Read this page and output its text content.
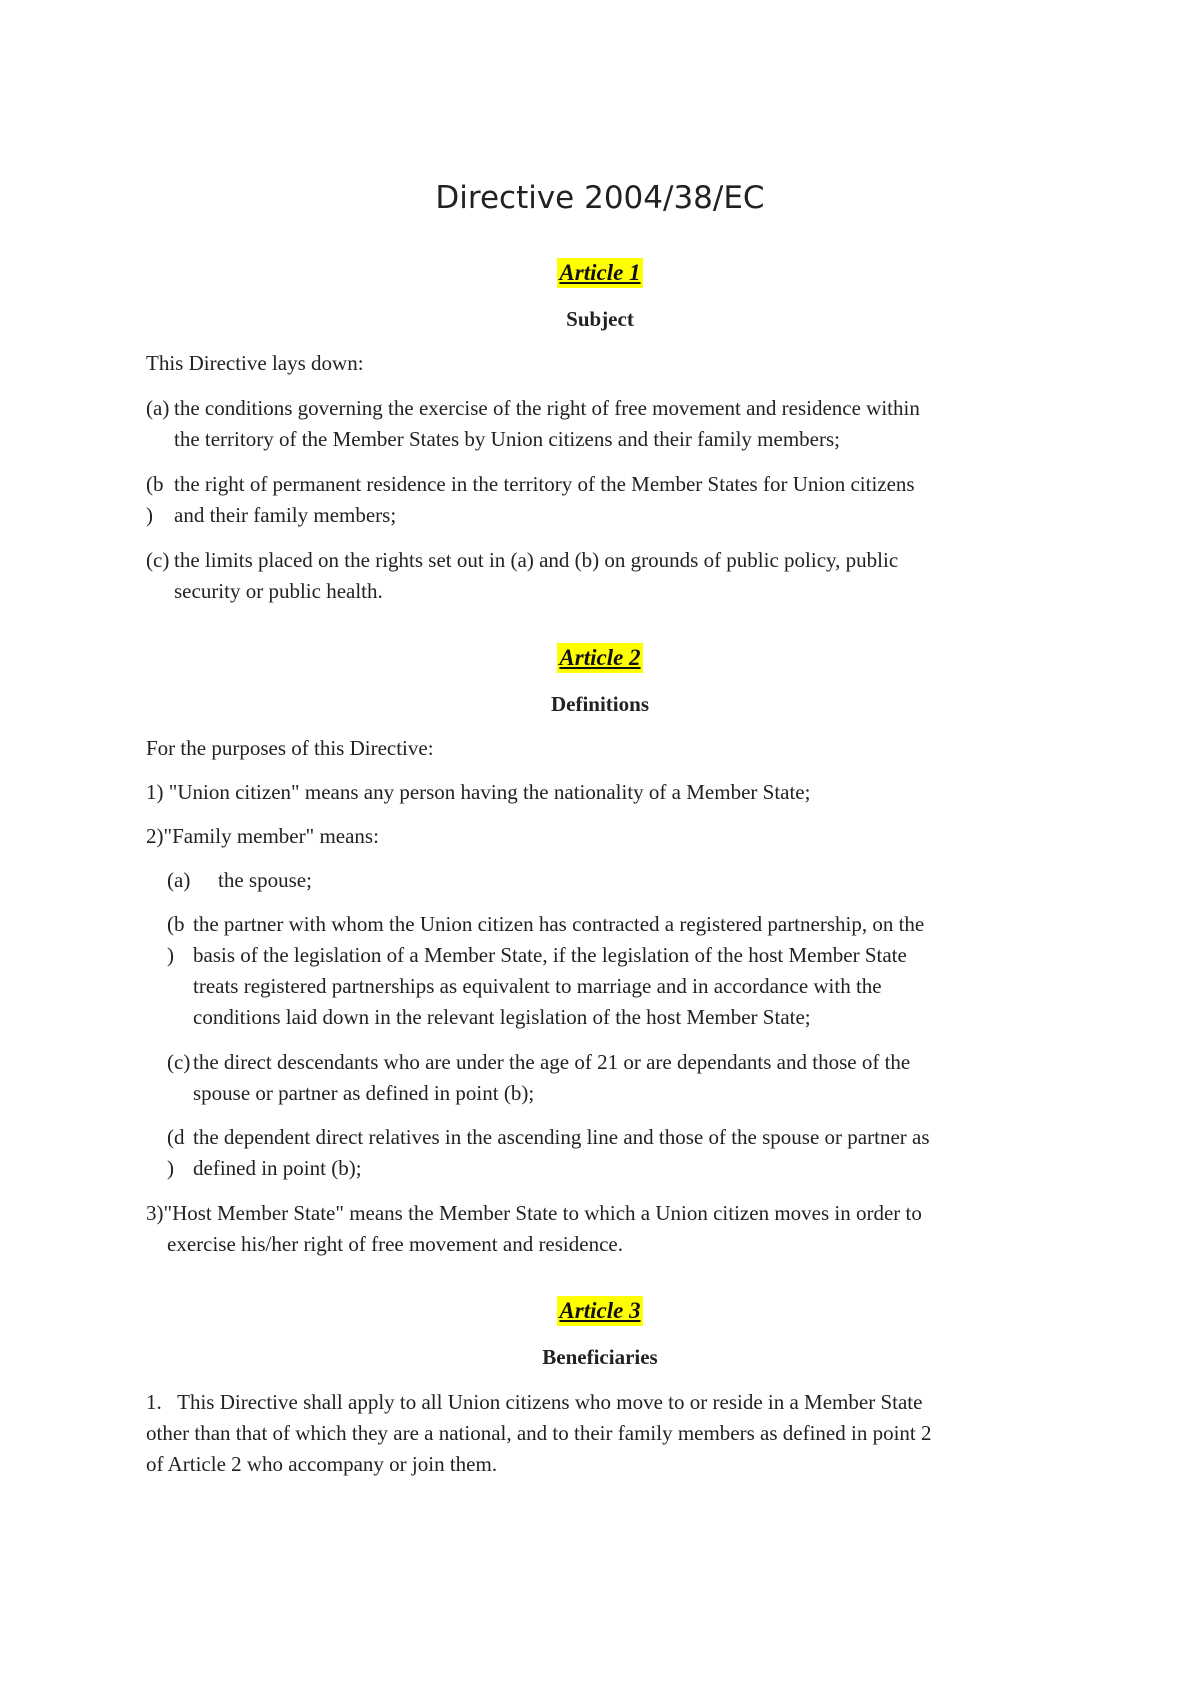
Directive 2004/38/EC
Article 1
Subject
This Directive lays down:
(a) the conditions governing the exercise of the right of free movement and residence within
the territory of the Member States by Union citizens and their family members;
(b
)
the right of permanent residence in the territory of the Member States for Union citizens
and their family members;
(c) the limits placed on the rights set out in (a) and (b) on grounds of public policy, public
security or public health.
Article 2
Definitions
For the purposes of this Directive:
1) "Union citizen" means any person having the nationality of a Member State;
2)"Family member" means:
(a) the spouse;
(b
)
the partner with whom the Union citizen has contracted a registered partnership, on the
basis of the legislation of a Member State, if the legislation of the host Member State
treats registered partnerships as equivalent to marriage and in accordance with the
conditions laid down in the relevant legislation of the host Member State;
(c) the direct descendants who are under the age of 21 or are dependants and those of the
spouse or partner as defined in point (b);
(d
)
the dependent direct relatives in the ascending line and those of the spouse or partner as
defined in point (b);
3)"Host Member State" means the Member State to which a Union citizen moves in order to
exercise his/her right of free movement and residence.
Article 3
Beneficiaries
1.   This Directive shall apply to all Union citizens who move to or reside in a Member State
other than that of which they are a national, and to their family members as defined in point 2
of Article 2 who accompany or join them.
